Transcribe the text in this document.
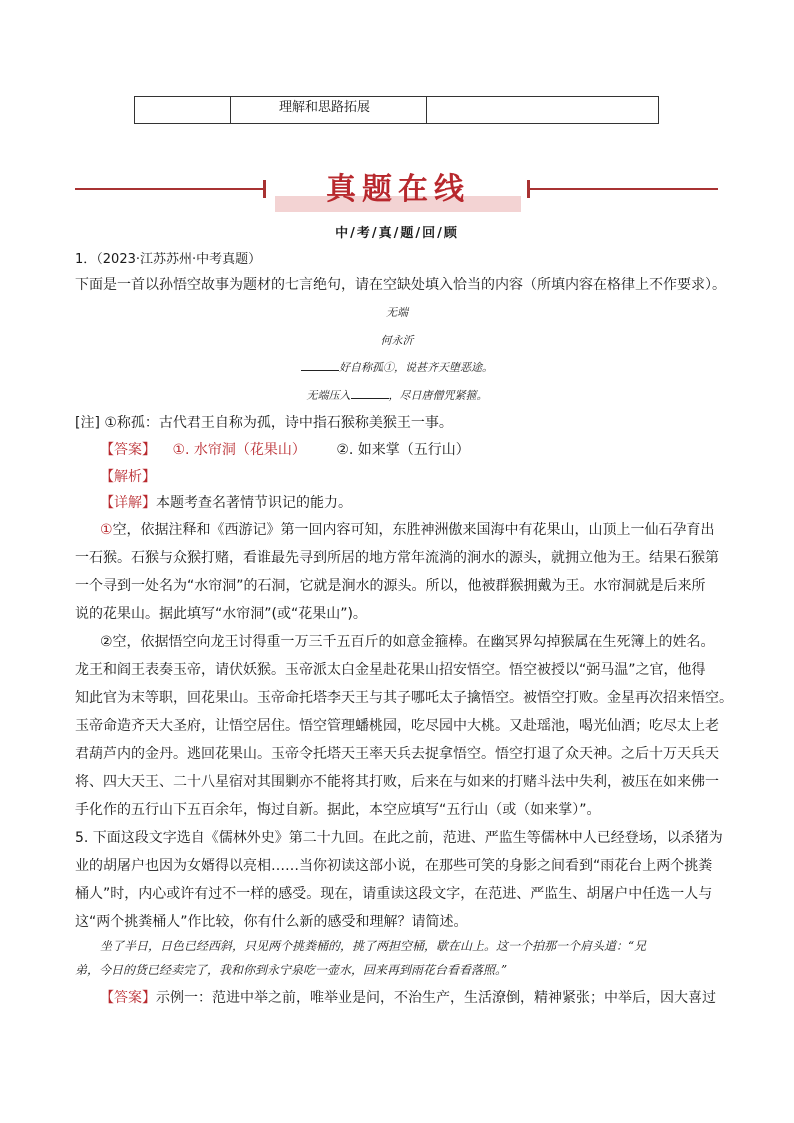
理解和思路拓展
真题在线
中/考/真/题/回/顾
1．（2023·江苏苏州·中考真题）
下面是一首以孙悟空故事为题材的七言绝句，请在空缺处填入恰当的内容（所填内容在格律上不作要求）。
无端
何永沂
好自称孤①，说甚齐天堕恶途。
无端压入	，尽日唐僧咒紧箍。
[注] ①称孤：古代君王自称为孤，诗中指石猴称美猴王一事。
【答案】 ①. 水帘洞（花果山） ②. 如来掌（五行山）
【解析】
【详解】本题考查名著情节识记的能力。
①空，依据注释和《西游记》第一回内容可知，东胜神洲傲来国海中有花果山，山顶上一仙石孕育出
一石猴。石猴与众猴打赌，看谁最先寻到所居的地方常年流淌的涧水的源头，就拥立他为王。结果石猴第
一个寻到一处名为“水帘洞”的石洞，它就是涧水的源头。所以，他被群猴拥戴为王。水帘洞就是后来所
说的花果山。据此填写“水帘洞”(或“花果山”)。
②空，依据悟空向龙王讨得重一万三千五百斤的如意金箍棒。在幽冥界勾掉猴属在生死簿上的姓名。
龙王和阎王表奏玉帝，请伏妖猴。玉帝派太白金星赴花果山招安悟空。悟空被授以“弼马温”之官，他得
知此官为末等职，回花果山。玉帝命托塔李天王与其子哪吒太子擒悟空。被悟空打败。金星再次招来悟空。
玉帝命造齐天大圣府，让悟空居住。悟空管理蟠桃园，吃尽园中大桃。又赴瑶池，喝光仙酒；吃尽太上老
君葫芦内的金丹。逃回花果山。玉帝令托塔天王率天兵去捉拿悟空。悟空打退了众天神。之后十万天兵天
将、四大天王、二十八星宿对其围剿亦不能将其打败，后来在与如来的打赌斗法中失利，被压在如来佛一
手化作的五行山下五百余年，悔过自新。据此，本空应填写“五行山（或（如来掌）”。
5. 下面这段文字选自《儒林外史》第二十九回。在此之前，范进、严监生等儒林中人已经登场，以杀猪为
业的胡屠户也因为女婿得以亮相……当你初读这部小说，在那些可笑的身影之间看到“雨花台上两个挑粪
桶人”时，内心或许有过不一样的感受。现在，请重读这段文字，在范进、严监生、胡屠户中任选一人与
这“两个挑粪桶人”作比较，你有什么新的感受和理解？请简述。
坐了半日，日色已经西斜，只见两个挑粪桶的，挑了两担空桶，歇在山上。这一个拍那一个肩头道：“兄
弟，今日的货已经卖完了，我和你到永宁泉吃一壶水，回来再到雨花台看看落照。”
【答案】示例一：范进中举之前，唯举业是问，不治生产，生活潦倒，精神紧张；中举后，因大喜过
